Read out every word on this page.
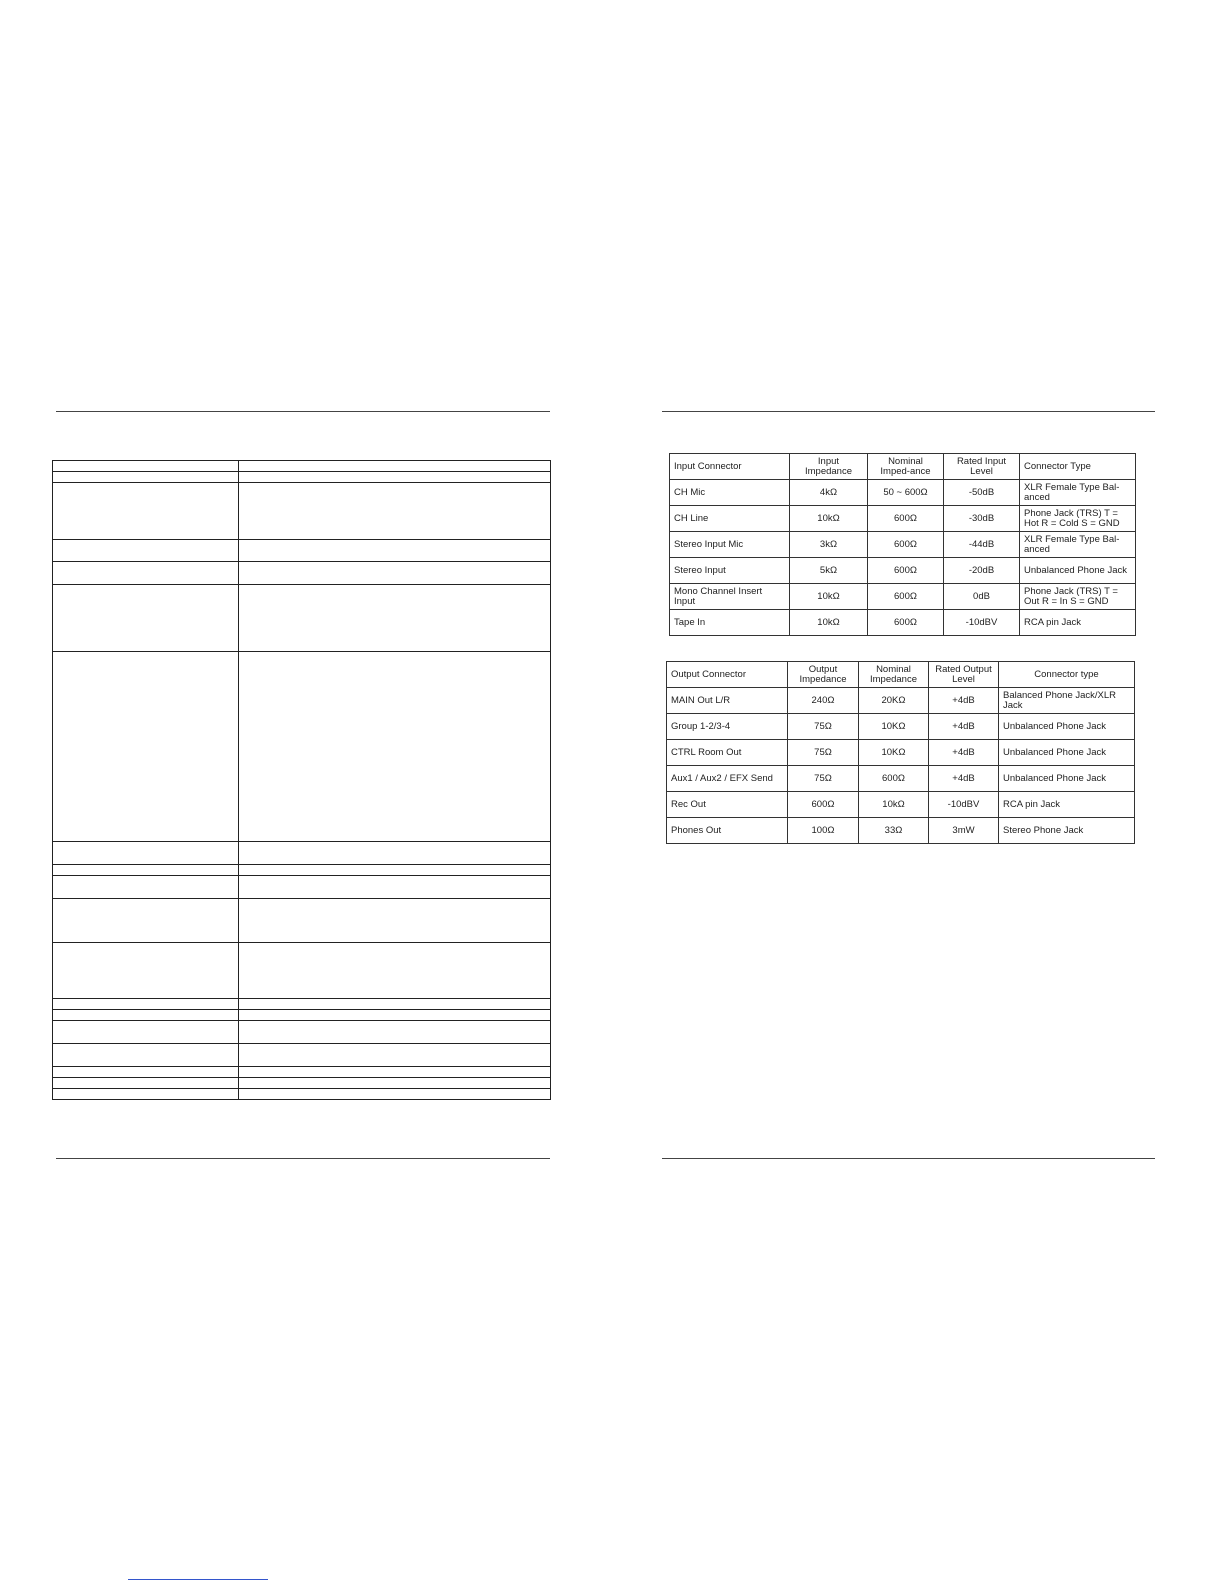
Input Connector	Input Impedance	Nominal Imped-ance	Rated Input Level	Connector Type
CH Mic	4kΩ	50 ~ 600Ω	-50dB	XLR Female Type Bal-anced
CH Line	10kΩ	600Ω	-30dB	Phone Jack (TRS) T = Hot R = Cold S = GND
Stereo Input Mic	3kΩ	600Ω	-44dB	XLR Female Type Bal-anced
Stereo Input	5kΩ	600Ω	-20dB	Unbalanced Phone Jack
Mono Channel Insert Input	10kΩ	600Ω	0dB	Phone Jack (TRS) T = Out R = In S = GND
Tape In	10kΩ	600Ω	-10dBV	RCA pin Jack
Output Connector	Output Impedance	Nominal Impedance	Rated Output Level	Connector type
MAIN Out L/R	240Ω	20KΩ	+4dB	Balanced Phone Jack/XLR Jack
Group 1-2/3-4	75Ω	10KΩ	+4dB	Unbalanced Phone Jack
CTRL Room Out	75Ω	10KΩ	+4dB	Unbalanced Phone Jack
Aux1 / Aux2 / EFX Send	75Ω	600Ω	+4dB	Unbalanced Phone Jack
Rec Out	600Ω	10kΩ	-10dBV	RCA pin Jack
Phones Out	100Ω	33Ω	3mW	Stereo Phone Jack
